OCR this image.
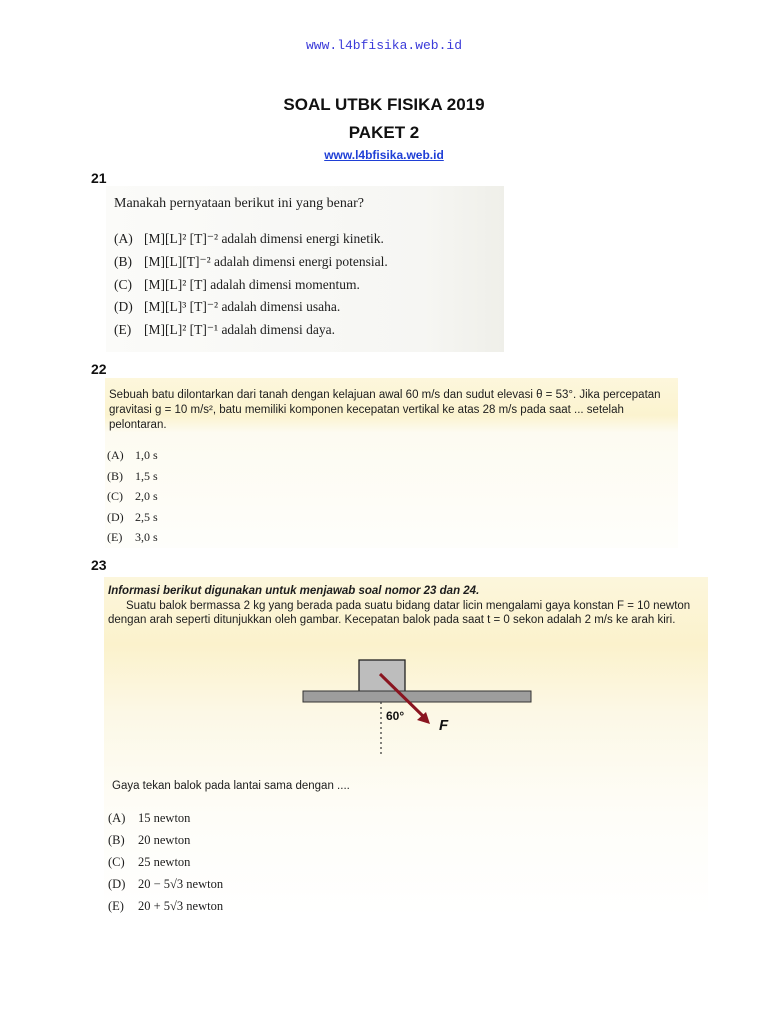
www.l4bfisika.web.id
SOAL UTBK FISIKA 2019
PAKET 2
www.l4bfisika.web.id
21
Manakah pernyataan berikut ini yang benar?
(A) [M][L]² [T]⁻² adalah dimensi energi kinetik.
(B) [M][L][T]⁻² adalah dimensi energi potensial.
(C) [M][L]² [T] adalah dimensi momentum.
(D) [M][L]³ [T]⁻² adalah dimensi usaha.
(E) [M][L]² [T]⁻¹ adalah dimensi daya.
22
Sebuah batu dilontarkan dari tanah dengan kelajuan awal 60 m/s dan sudut elevasi θ = 53°. Jika percepatan gravitasi g = 10 m/s², batu memiliki komponen kecepatan vertikal ke atas 28 m/s pada saat ... setelah pelontaran.
(A) 1,0 s
(B) 1,5 s
(C) 2,0 s
(D) 2,5 s
(E) 3,0 s
23
Informasi berikut digunakan untuk menjawab soal nomor 23 dan 24.
Suatu balok bermassa 2 kg yang berada pada suatu bidang datar licin mengalami gaya konstan F = 10 newton dengan arah seperti ditunjukkan oleh gambar. Kecepatan balok pada saat t = 0 sekon adalah 2 m/s ke arah kiri.
Gaya tekan balok pada lantai sama dengan ....
(A) 15 newton
(B) 20 newton
(C) 25 newton
(D) 20 − 5√3 newton
(E) 20 + 5√3 newton
60°
F
